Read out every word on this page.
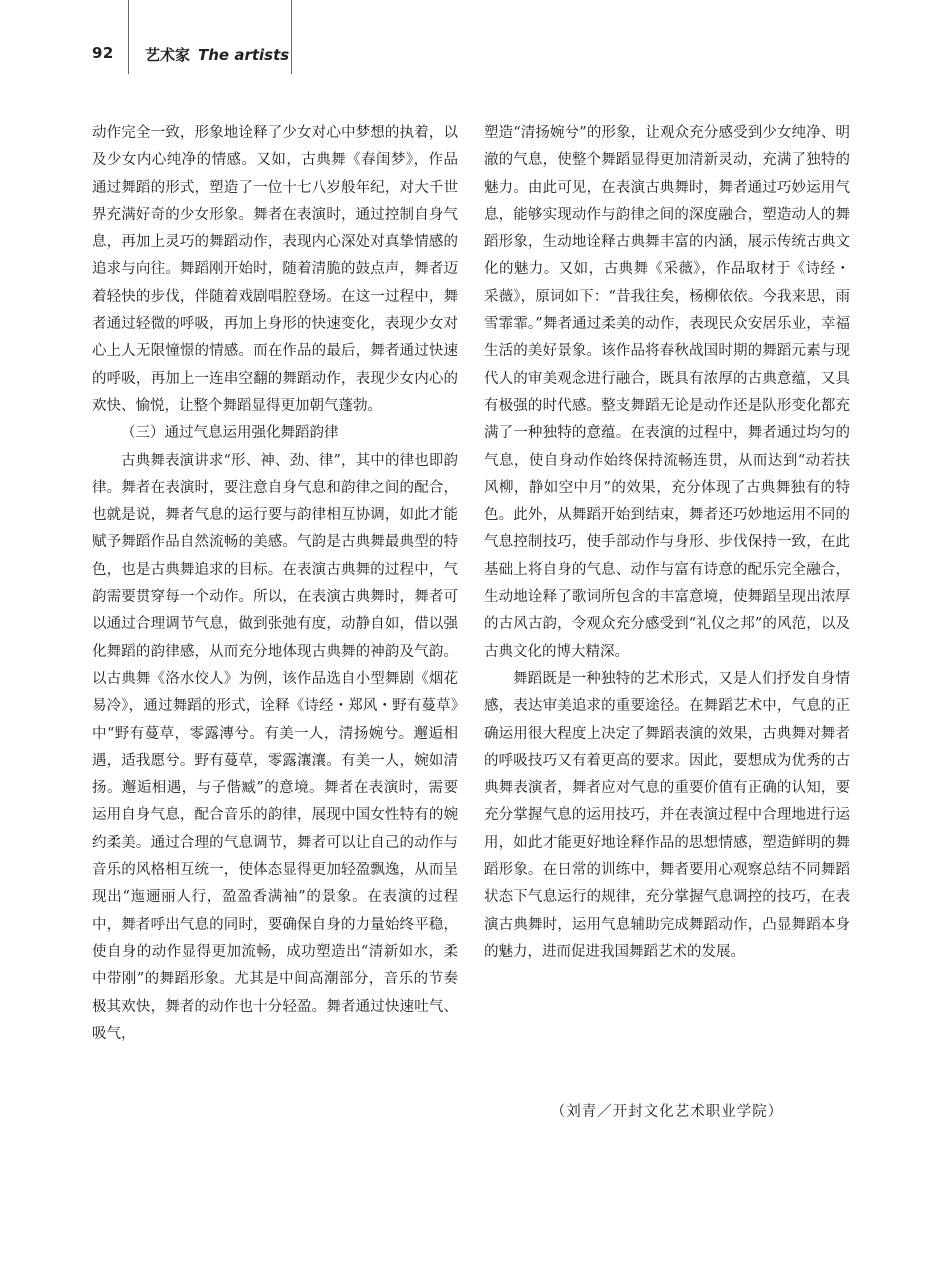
92 艺术家 The artists

动作完全一致，形象地诠释了少女对心中梦想的执着，以及少女内心纯净的情感。又如，古典舞《春闺梦》，作品通过舞蹈的形式，塑造了一位十七八岁般年纪，对大千世界充满好奇的少女形象。舞者在表演时，通过控制自身气息，再加上灵巧的舞蹈动作，表现内心深处对真挚情感的追求与向往。舞蹈刚开始时，随着清脆的鼓点声，舞者迈着轻快的步伐，伴随着戏剧唱腔登场。在这一过程中，舞者通过轻微的呼吸，再加上身形的快速变化，表现少女对心上人无限憧憬的情感。而在作品的最后，舞者通过快速的呼吸，再加上一连串空翻的舞蹈动作，表现少女内心的欢快、愉悦，让整个舞蹈显得更加朝气蓬勃。

（三）通过气息运用强化舞蹈韵律

古典舞表演讲求“形、神、劲、律”，其中的律也即韵律。舞者在表演时，要注意自身气息和韵律之间的配合，也就是说，舞者气息的运行要与韵律相互协调，如此才能赋予舞蹈作品自然流畅的美感。气韵是古典舞最典型的特色，也是古典舞追求的目标。在表演古典舞的过程中，气韵需要贯穿每一个动作。所以，在表演古典舞时，舞者可以通过合理调节气息，做到张弛有度，动静自如，借以强化舞蹈的韵律感，从而充分地体现古典舞的神韵及气韵。以古典舞《洛水佼人》为例，该作品选自小型舞剧《烟花易冷》，通过舞蹈的形式，诠释《诗经・郑风・野有蔓草》中“野有蔓草，零露漙兮。有美一人，清扬婉兮。邂逅相遇，适我愿兮。野有蔓草，零露瀼瀼。有美一人，婉如清扬。邂逅相遇，与子偕臧”的意境。舞者在表演时，需要运用自身气息，配合音乐的韵律，展现中国女性特有的婉约柔美。通过合理的气息调节，舞者可以让自己的动作与音乐的风格相互统一，使体态显得更加轻盈飘逸，从而呈现出“迤逦丽人行，盈盈香满袖”的景象。在表演的过程中，舞者呼出气息的同时，要确保自身的力量始终平稳，使自身的动作显得更加流畅，成功塑造出“清新如水，柔中带刚”的舞蹈形象。尤其是中间高潮部分，音乐的节奏极其欢快，舞者的动作也十分轻盈。舞者通过快速吐气、吸气，

塑造“清扬婉兮”的形象，让观众充分感受到少女纯净、明澈的气息，使整个舞蹈显得更加清新灵动，充满了独特的魅力。由此可见，在表演古典舞时，舞者通过巧妙运用气息，能够实现动作与韵律之间的深度融合，塑造动人的舞蹈形象，生动地诠释古典舞丰富的内涵，展示传统古典文化的魅力。又如，古典舞《采薇》，作品取材于《诗经・采薇》，原词如下：“昔我往矣，杨柳依依。今我来思，雨雪霏霏。”舞者通过柔美的动作，表现民众安居乐业，幸福生活的美好景象。该作品将春秋战国时期的舞蹈元素与现代人的审美观念进行融合，既具有浓厚的古典意蕴，又具有极强的时代感。整支舞蹈无论是动作还是队形变化都充满了一种独特的意蕴。在表演的过程中，舞者通过均匀的气息，使自身动作始终保持流畅连贯，从而达到“动若扶风柳，静如空中月”的效果，充分体现了古典舞独有的特色。此外，从舞蹈开始到结束，舞者还巧妙地运用不同的气息控制技巧，使手部动作与身形、步伐保持一致，在此基础上将自身的气息、动作与富有诗意的配乐完全融合，生动地诠释了歌词所包含的丰富意境，使舞蹈呈现出浓厚的古风古韵，令观众充分感受到“礼仪之邦”的风范，以及古典文化的博大精深。

舞蹈既是一种独特的艺术形式，又是人们抒发自身情感，表达审美追求的重要途径。在舞蹈艺术中，气息的正确运用很大程度上决定了舞蹈表演的效果，古典舞对舞者的呼吸技巧又有着更高的要求。因此，要想成为优秀的古典舞表演者，舞者应对气息的重要价值有正确的认知，要充分掌握气息的运用技巧，并在表演过程中合理地进行运用，如此才能更好地诠释作品的思想情感，塑造鲜明的舞蹈形象。在日常的训练中，舞者要用心观察总结不同舞蹈状态下气息运行的规律，充分掌握气息调控的技巧，在表演古典舞时，运用气息辅助完成舞蹈动作，凸显舞蹈本身的魅力，进而促进我国舞蹈艺术的发展。

（刘青／开封文化艺术职业学院）
